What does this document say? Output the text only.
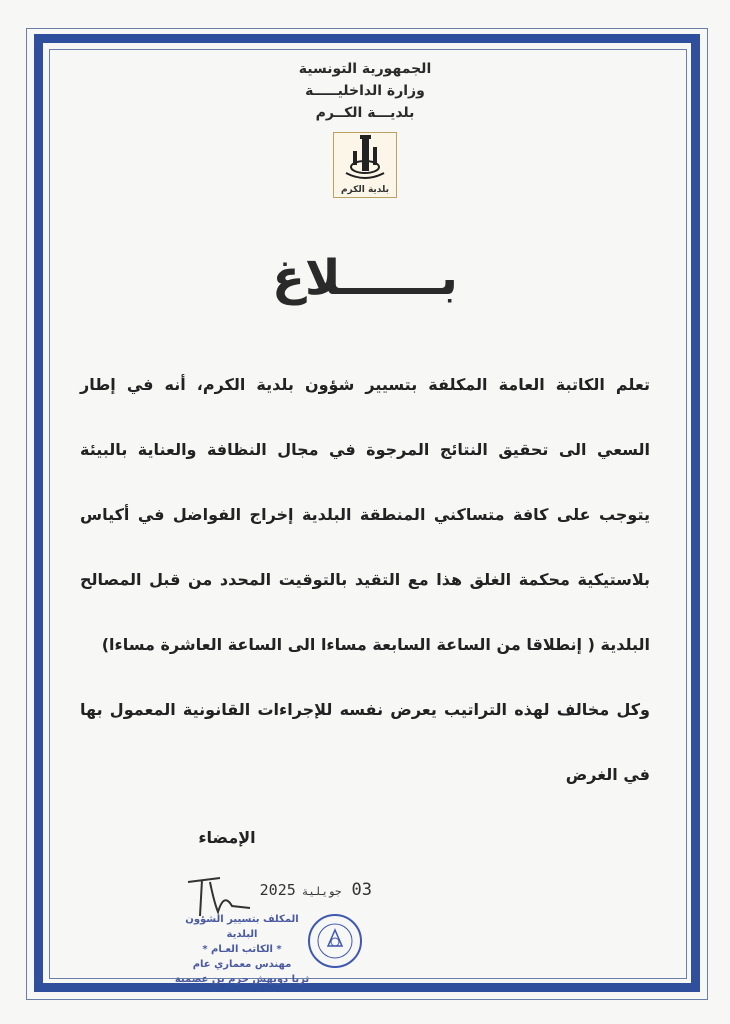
الجمهورية التونسية
وزارة الداخليـــــة
بلديـــة الكــرم
بلدية الكرم
بــــــلاغ

تعلم الكاتبة العامة المكلفة بتسيير شؤون بلدية الكرم، أنه في إطار السعي الى تحقيق النتائج المرجوة في مجال النظافة والعناية بالبيئة يتوجب على كافة متساكني المنطقة البلدية إخراج الفواضل في أكياس بلاستيكية محكمة الغلق هذا مع التقيد بالتوقيت المحدد من قبل المصالح البلدية ( إنطلاقا من الساعة السابعة مساءا الى الساعة العاشرة مساءا)

وكل مخالف لهذه التراتيب يعرض نفسه للإجراءات القانونية المعمول بها في الغرض

الإمضاء
03جويلية2025
المكلف بتسيير الشؤون البلدية
* الكاتب العـام *
مهندس معماري عام
ثريا دويهش حرم بن عصمية
